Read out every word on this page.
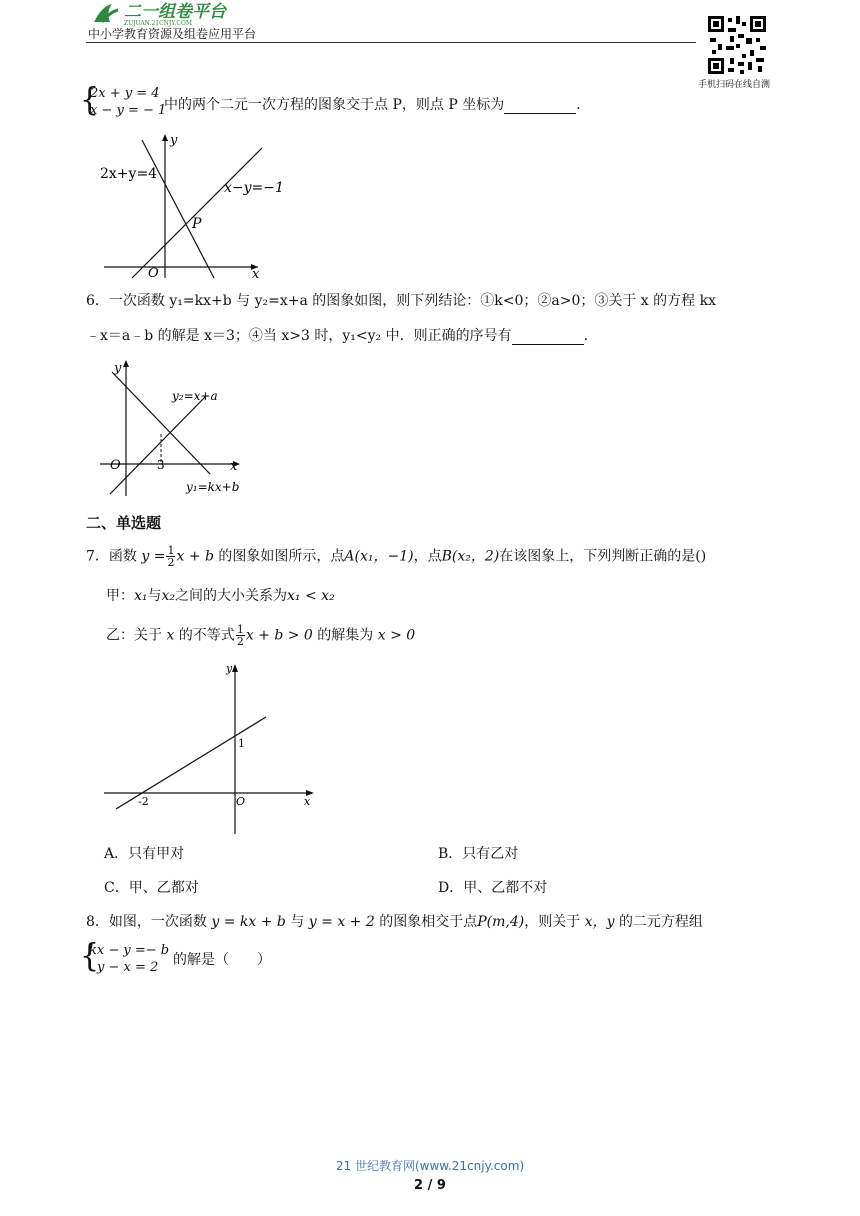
二一组卷平台
ZUJUAN.21CNJY.COM
中小学教育资源及组卷应用平台
手机扫码在线自测
{
2x + y = 4
x − y = − 1
中的两个二元一次方程的图象交于点 P，则点 P 坐标为	．
2x+y=4
x−y=−1
P
O	x
y
6．一次函数 y₁=kx+b 与 y₂=x+a 的图象如图，则下列结论：①k<0；②a>0；③关于 x 的方程 kx
﹣x＝a﹣b 的解是 x＝3；④当 x>3 时，y₁<y₂ 中．则正确的序号有	．
y
x
O	3
y₂=x+a
y₁=kx+b
二、单选题
7．函数 $y = \frac{1}{2}$ x + b 的图象如图所示，点A(x₁，−1)，点B(x₂，2)在该图象上，下列判断正确的是()
甲：x₁与x₂之间的大小关系为x₁ < x₂
乙：关于 x 的不等式 $\frac{1}{2}$ x + b > 0 的解集为 x > 0
y
x
O
1
-2
A．只有甲对	B．只有乙对
C．甲、乙都对	D．甲、乙都不对
8．如图，一次函数 y = kx + b 与 y = x + 2 的图象相交于点P(m,4)，则关于 x，y 的二元方程组
{
kx − y =− b
y − x = 2 的解是（　　）
21 世纪教育网(www.21cnjy.com)
2 / 9
